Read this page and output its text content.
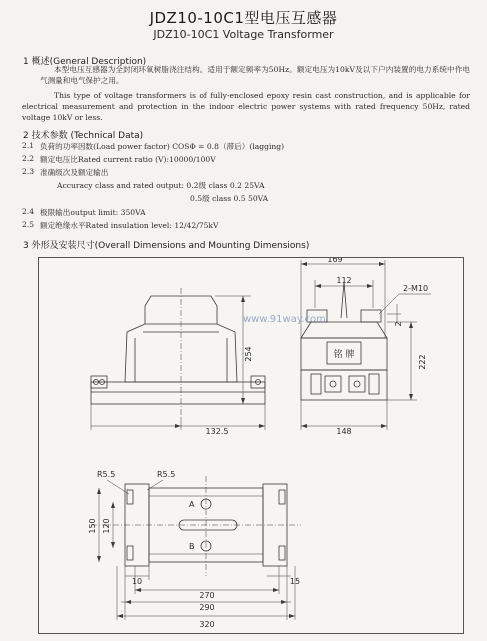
JDZ10-10C1型电压互感器
JDZ10-10C1 Voltage Transformer
1 概述(General Description)
本型电压互感器为全封闭环氧树脂浇注结构。适用于额定频率为50Hz。额定电压为10kV及以下户内装置的电力系统中作电气测量和电气保护之用。
This type of voltage transformers is of fully-enclosed epoxy resin cast construction, and is applicable for electrical measurement and protection in the indoor electric power systems with rated frequency 50Hz, rated voltage 10kV or less.
2 技术参数 (Technical Data)
2.1 负荷的功率因数(Load power factor) COSΦ = 0.8（滞后）(lagging)
2.2 额定电压比Rated current ratio (V):10000/100V
2.3 准确级次及额定输出
Accuracy class and rated output: 0.2级 class 0.2 25VA
0.5级 class 0.5 50VA
2.4 极限输出output limit: 350VA
2.5 额定绝缘水平Rated insulation level: 12/42/75kV
3 外形及安装尺寸(Overall Dimensions and Mounting Dimensions)
169
112
2-M10
254
222
2
132.5	148
铭 牌
R5.5	R5.5
150 120
10
270
15
290
320
A
B
www.91way.com
